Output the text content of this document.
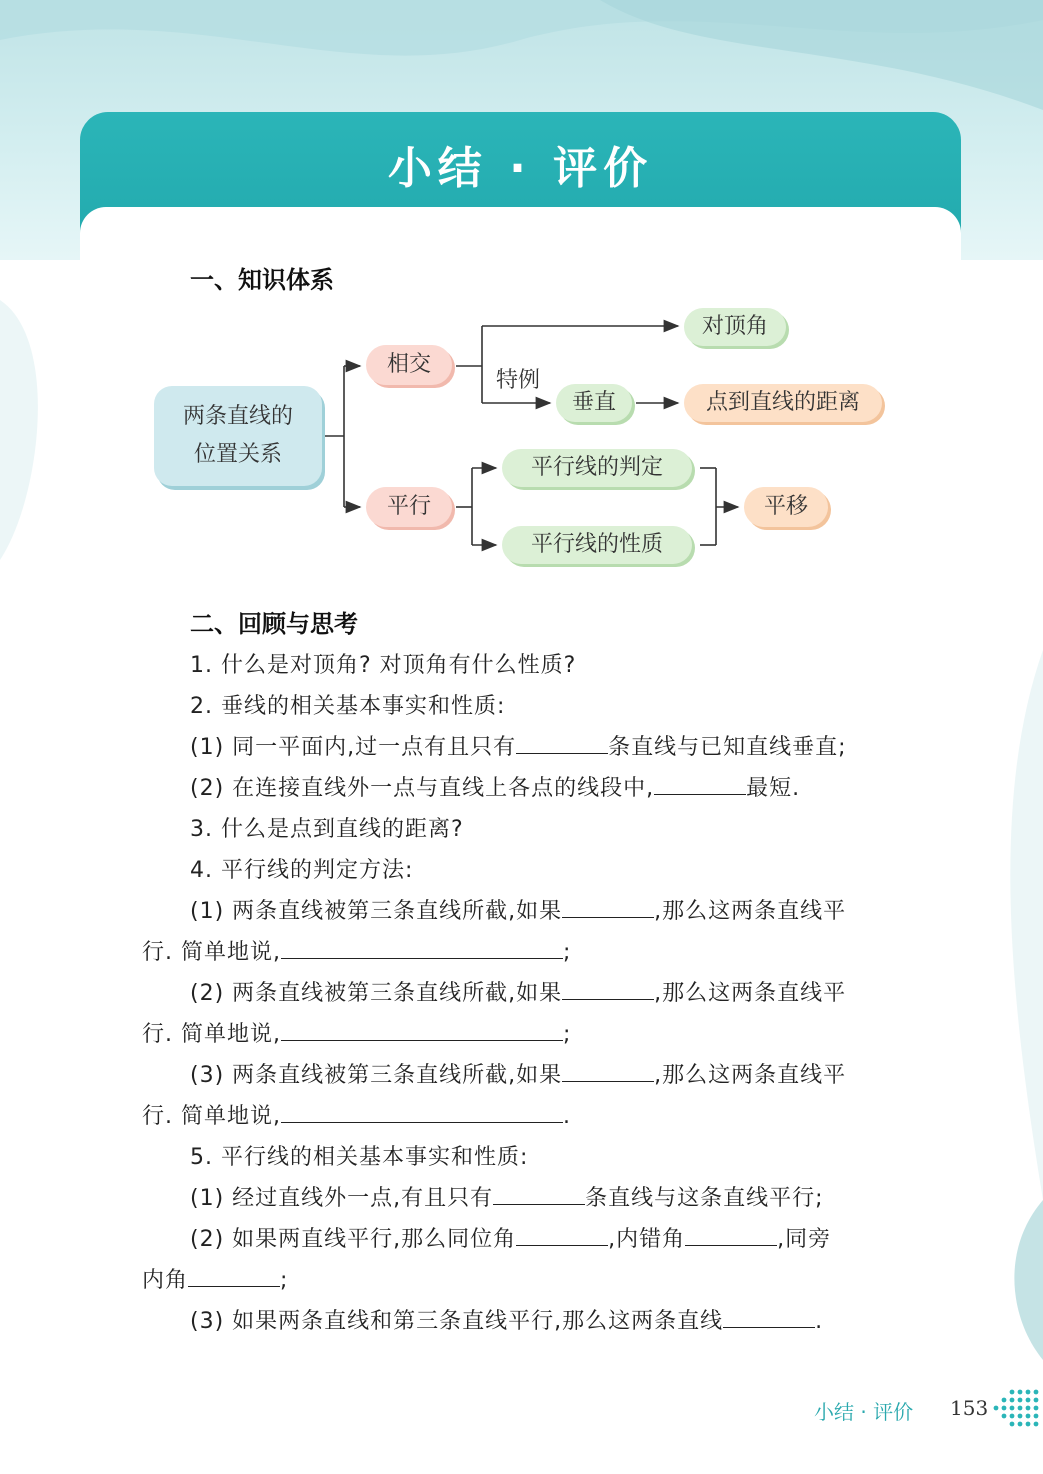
小结 · 评价
一、知识体系
两条直线的
位置关系
相交
平行
对顶角
特例
垂直	点到直线的距离
平行线的判定
平行线的性质
平移
二、回顾与思考
1. 什么是对顶角? 对顶角有什么性质?
2. 垂线的相关基本事实和性质:
(1) 同一平面内,过一点有且只有	条直线与已知直线垂直;
(2) 在连接直线外一点与直线上各点的线段中,	最短.
3. 什么是点到直线的距离?
4. 平行线的判定方法:
(1) 两条直线被第三条直线所截,如果	,那么这两条直线平
行. 简单地说,	;
(2) 两条直线被第三条直线所截,如果	,那么这两条直线平
行. 简单地说,	;
(3) 两条直线被第三条直线所截,如果	,那么这两条直线平
行. 简单地说,	.
5. 平行线的相关基本事实和性质:
(1) 经过直线外一点,有且只有	条直线与这条直线平行;
(2) 如果两直线平行,那么同位角	,内错角	,同旁
内角	;
(3) 如果两条直线和第三条直线平行,那么这两条直线	.
小结 · 评价 153
